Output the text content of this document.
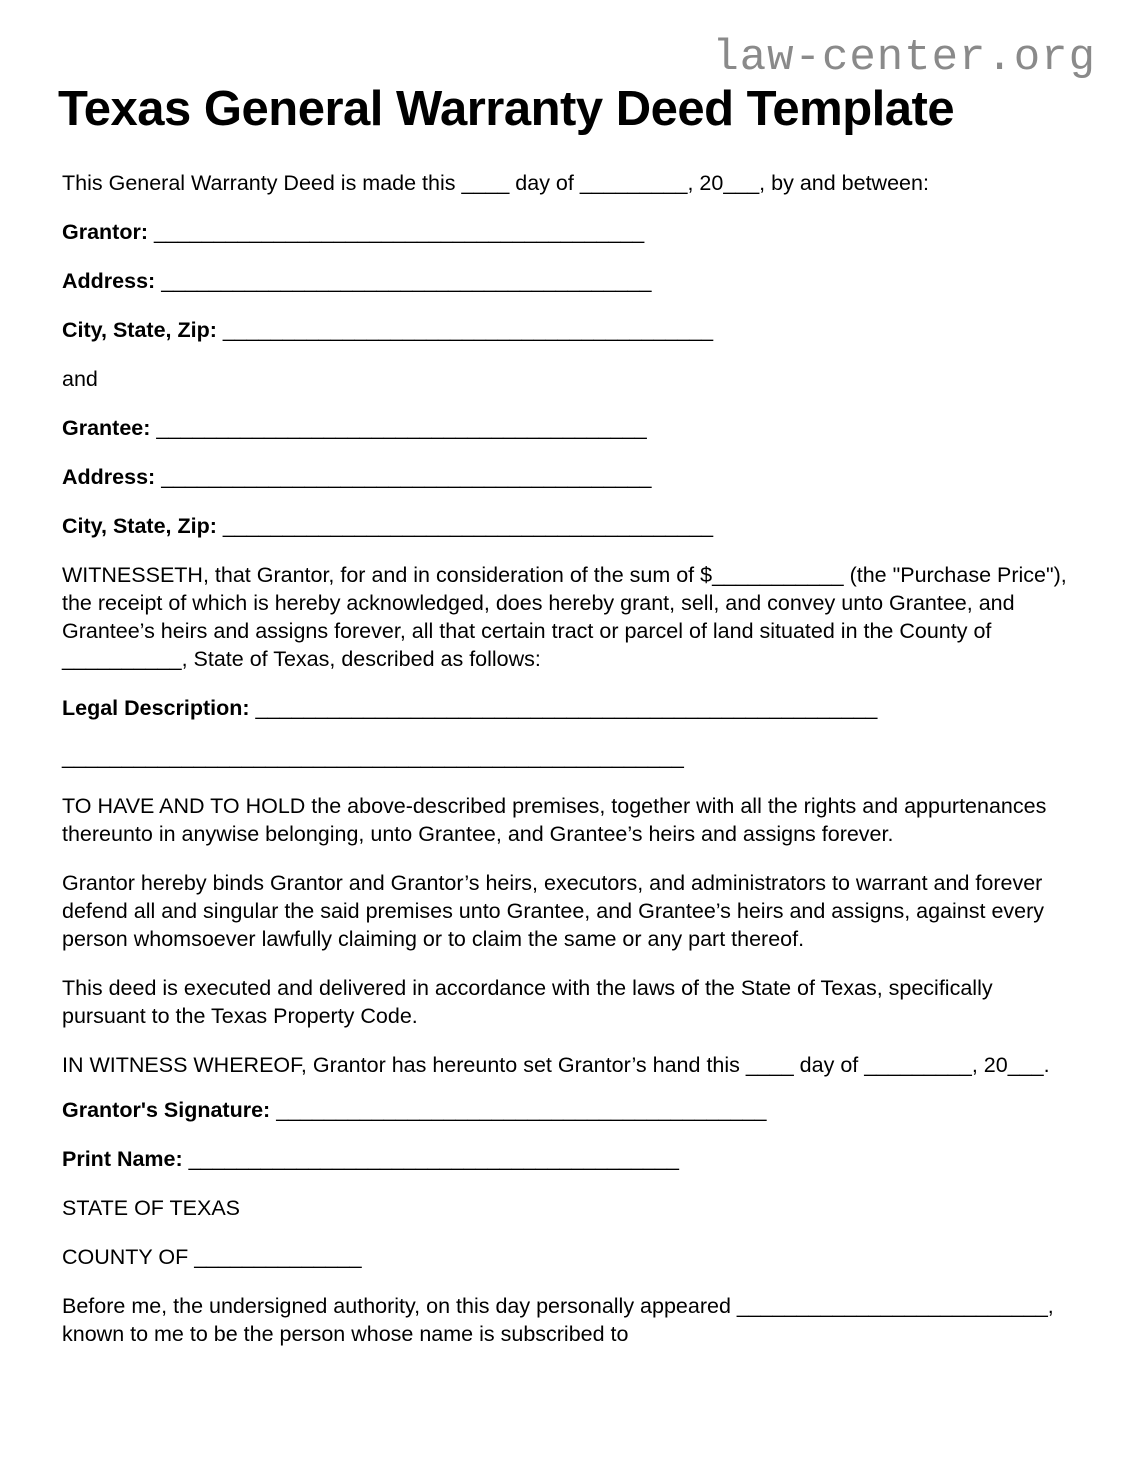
law-center.org
Texas General Warranty Deed Template

This General Warranty Deed is made this ____ day of _________, 20___, by and between:

Grantor: _________________________________________

Address: _________________________________________

City, State, Zip: _________________________________________

and

Grantee: _________________________________________

Address: _________________________________________

City, State, Zip: _________________________________________

WITNESSETH, that Grantor, for and in consideration of the sum of $___________ (the "Purchase Price"), the receipt of which is hereby acknowledged, does hereby grant, sell, and convey unto Grantee, and Grantee’s heirs and assigns forever, all that certain tract or parcel of land situated in the County of __________, State of Texas, described as follows:

Legal Description: ____________________________________________________

____________________________________________________

TO HAVE AND TO HOLD the above-described premises, together with all the rights and appurtenances thereunto in anywise belonging, unto Grantee, and Grantee’s heirs and assigns forever.

Grantor hereby binds Grantor and Grantor’s heirs, executors, and administrators to warrant and forever defend all and singular the said premises unto Grantee, and Grantee’s heirs and assigns, against every person whomsoever lawfully claiming or to claim the same or any part thereof.

This deed is executed and delivered in accordance with the laws of the State of Texas, specifically pursuant to the Texas Property Code.

IN WITNESS WHEREOF, Grantor has hereunto set Grantor’s hand this ____ day of _________, 20___.

Grantor's Signature: _________________________________________

Print Name: _________________________________________

STATE OF TEXAS

COUNTY OF ______________

Before me, the undersigned authority, on this day personally appeared __________________________, known to me to be the person whose name is subscribed to
